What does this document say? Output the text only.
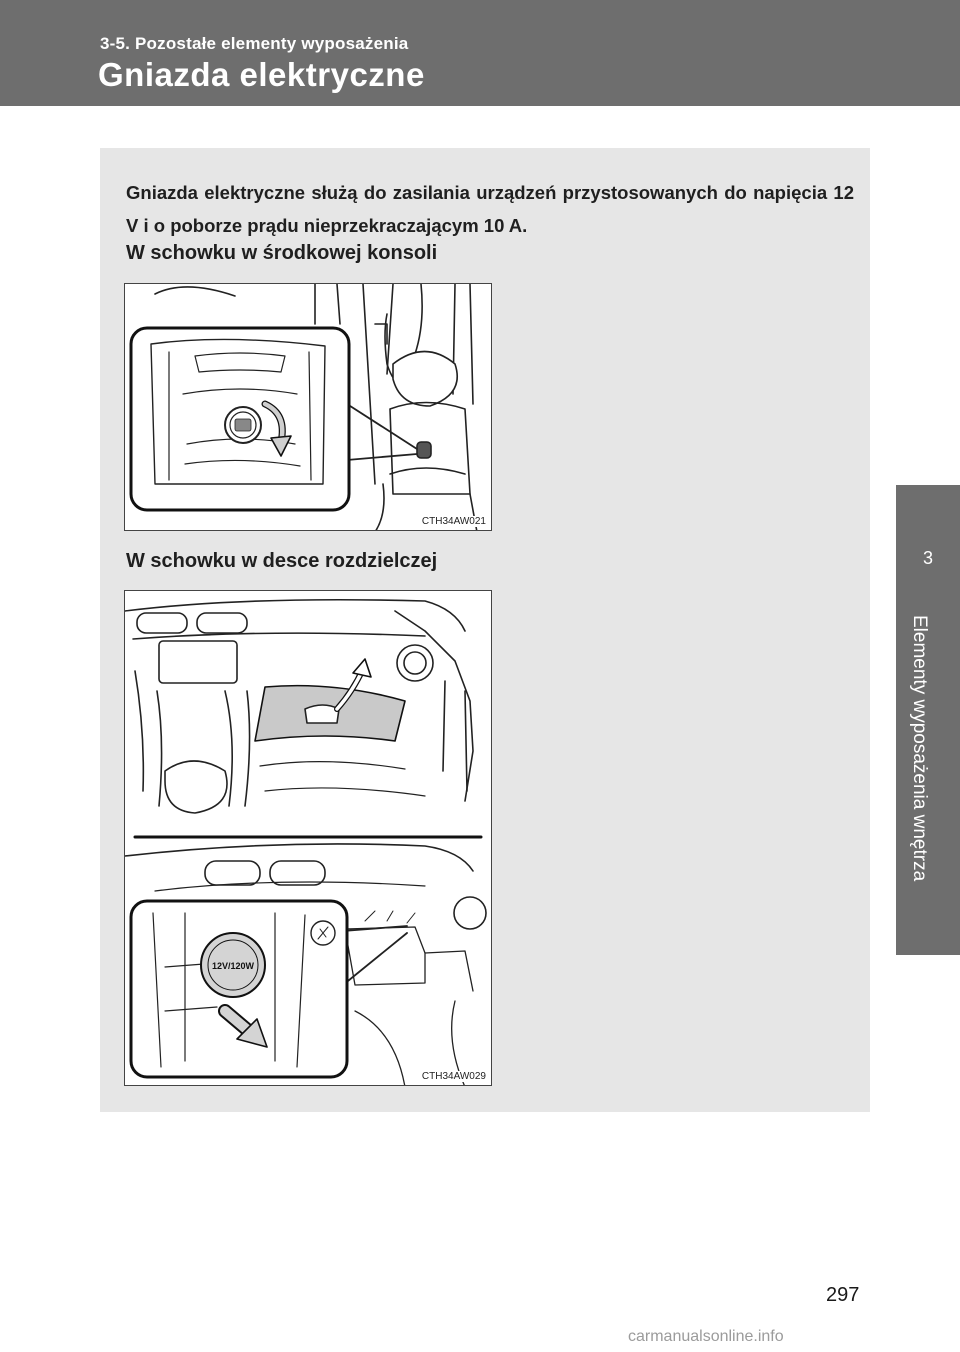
3-5. Pozostałe elementy wyposażenia
Gniazda elektryczne
3
Elementy wyposażenia wnętrza

Gniazda elektryczne służą do zasilania urządzeń przystosowanych do napięcia 12 V i o poborze prądu nieprzekraczającym 10 A.

W schowku w środkowej konsoli
CTH34AW021
W schowku w desce rozdzielczej
12V/120W
CTH34AW029
297
carmanualsonline.info
